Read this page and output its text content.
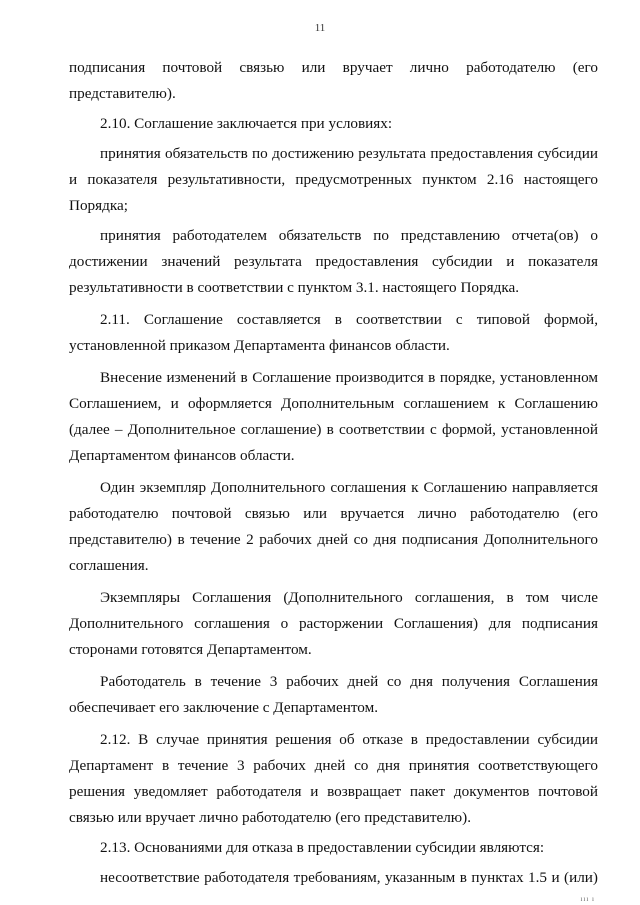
11

подписания почтовой связью или вручает лично работодателю (его представителю).

2.10. Соглашение заключается при условиях:

принятия обязательств по достижению результата предоставления субсидии и показателя результативности, предусмотренных пунктом 2.16 настоящего Порядка;

принятия работодателем обязательств по представлению отчета(ов) о достижении значений результата предоставления субсидии и показателя результативности в соответствии с пунктом 3.1. настоящего Порядка.

2.11. Соглашение составляется в соответствии с типовой формой, установленной приказом Департамента финансов области.

Внесение изменений в Соглашение производится в порядке, установленном Соглашением, и оформляется Дополнительным соглашением к Соглашению (далее – Дополнительное соглашение) в соответствии с формой, установленной Департаментом финансов области.

Один экземпляр Дополнительного соглашения к Соглашению направляется работодателю почтовой связью или вручается лично работодателю (его представителю) в течение 2 рабочих дней со дня подписания Дополнительного соглашения.

Экземпляры Соглашения (Дополнительного соглашения, в том числе Дополнительного соглашения о расторжении Соглашения) для подписания сторонами готовятся Департаментом.

Работодатель в течение 3 рабочих дней со дня получения Соглашения обеспечивает его заключение с Департаментом.

2.12. В случае принятия решения об отказе в предоставлении субсидии Департамент в течение 3 рабочих дней со дня принятия соответствующего решения уведомляет работодателя и возвращает пакет документов почтовой связью или вручает лично работодателю (его представителю).

2.13. Основаниями для отказа в предоставлении субсидии являются:

несоответствие работодателя требованиям, указанным в пунктах 1.5 и (или)

ııı ı
